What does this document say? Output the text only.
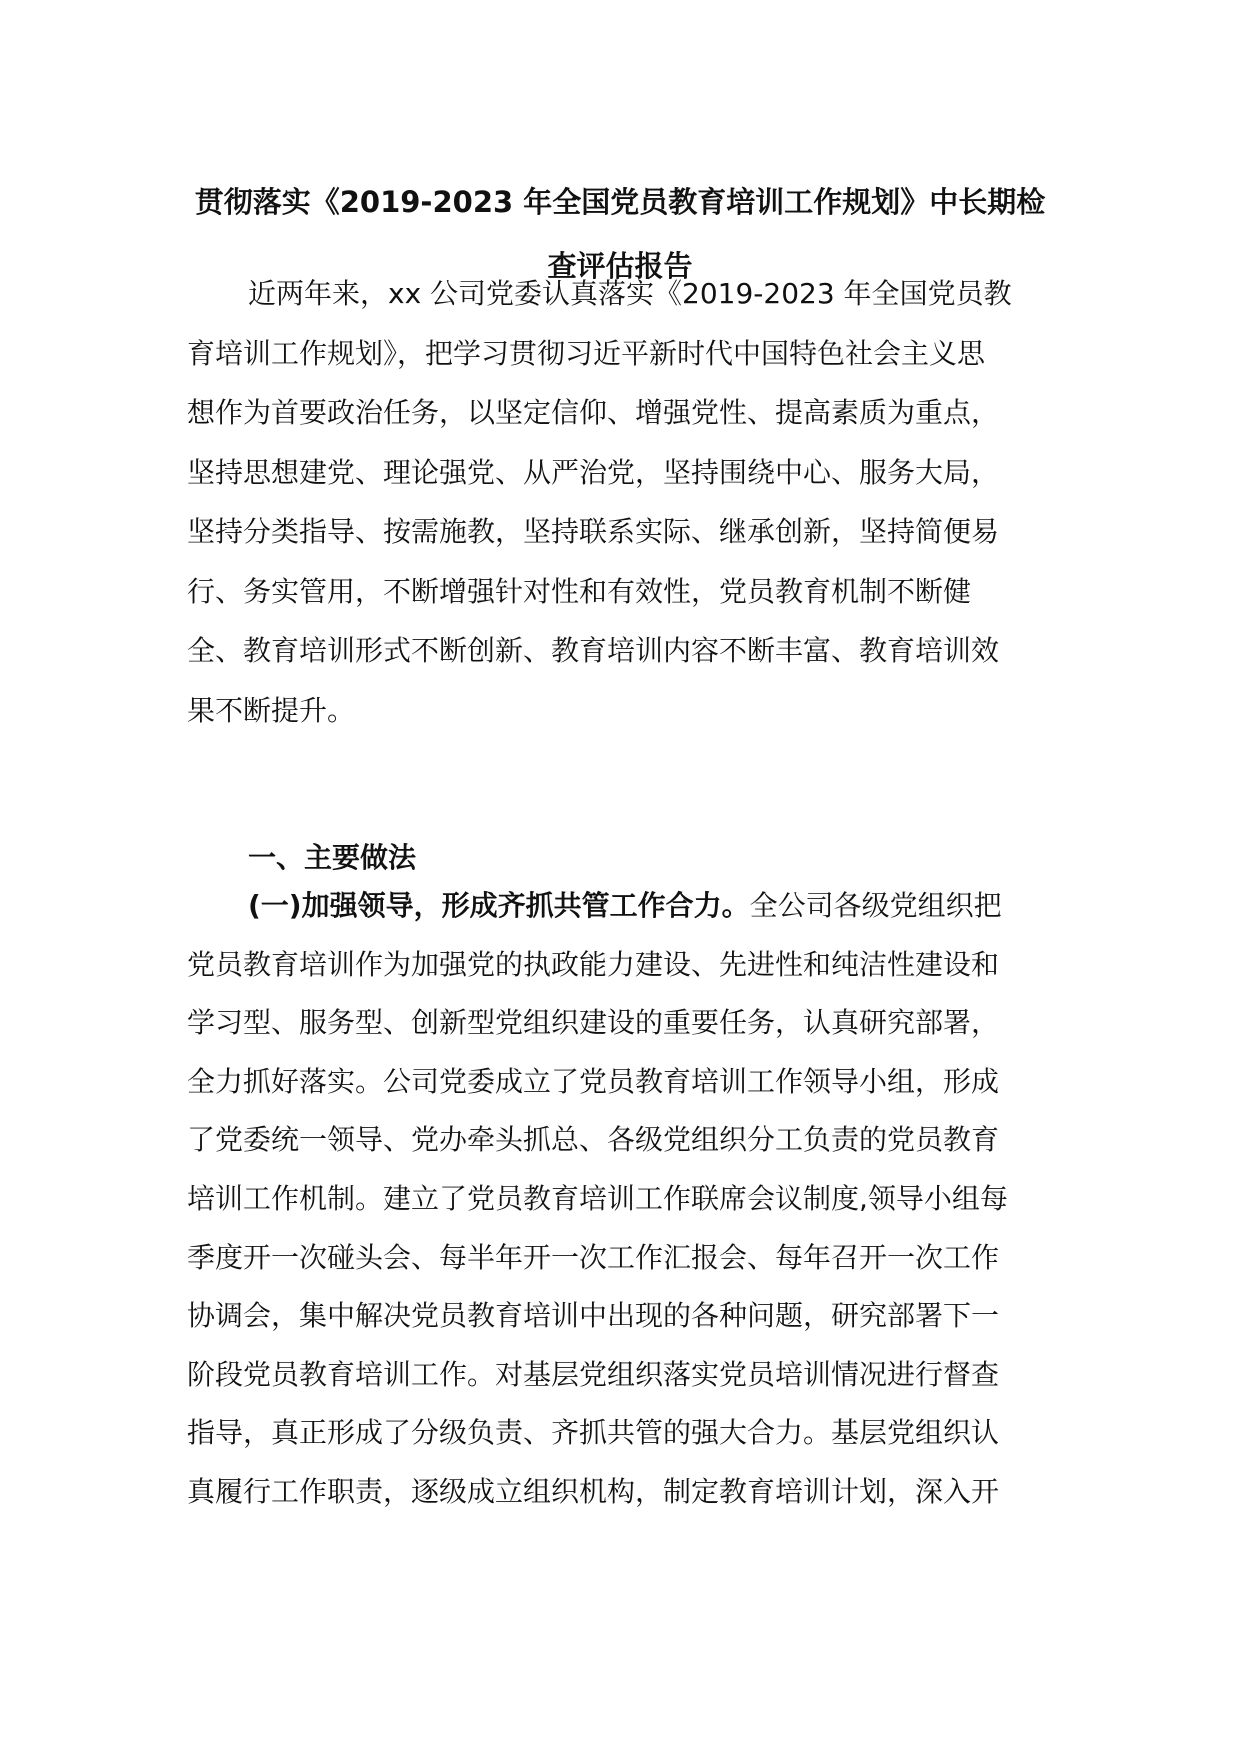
贯彻落实《2019-2023 年全国党员教育培训工作规划》中长期检
查评估报告
近两年来，xx 公司党委认真落实《2019-2023 年全国党员教
育培训工作规划》，把学习贯彻习近平新时代中国特色社会主义思
想作为首要政治任务，以坚定信仰、增强党性、提高素质为重点，
坚持思想建党、理论强党、从严治党，坚持围绕中心、服务大局，
坚持分类指导、按需施教，坚持联系实际、继承创新，坚持简便易
行、务实管用，不断增强针对性和有效性，党员教育机制不断健
全、教育培训形式不断创新、教育培训内容不断丰富、教育培训效
果不断提升。
一、主要做法
(一)加强领导，形成齐抓共管工作合力。全公司各级党组织把
党员教育培训作为加强党的执政能力建设、先进性和纯洁性建设和
学习型、服务型、创新型党组织建设的重要任务，认真研究部署，
全力抓好落实。公司党委成立了党员教育培训工作领导小组，形成
了党委统一领导、党办牵头抓总、各级党组织分工负责的党员教育
培训工作机制。建立了党员教育培训工作联席会议制度,领导小组每
季度开一次碰头会、每半年开一次工作汇报会、每年召开一次工作
协调会，集中解决党员教育培训中出现的各种问题，研究部署下一
阶段党员教育培训工作。对基层党组织落实党员培训情况进行督查
指导，真正形成了分级负责、齐抓共管的强大合力。基层党组织认
真履行工作职责，逐级成立组织机构，制定教育培训计划，深入开
